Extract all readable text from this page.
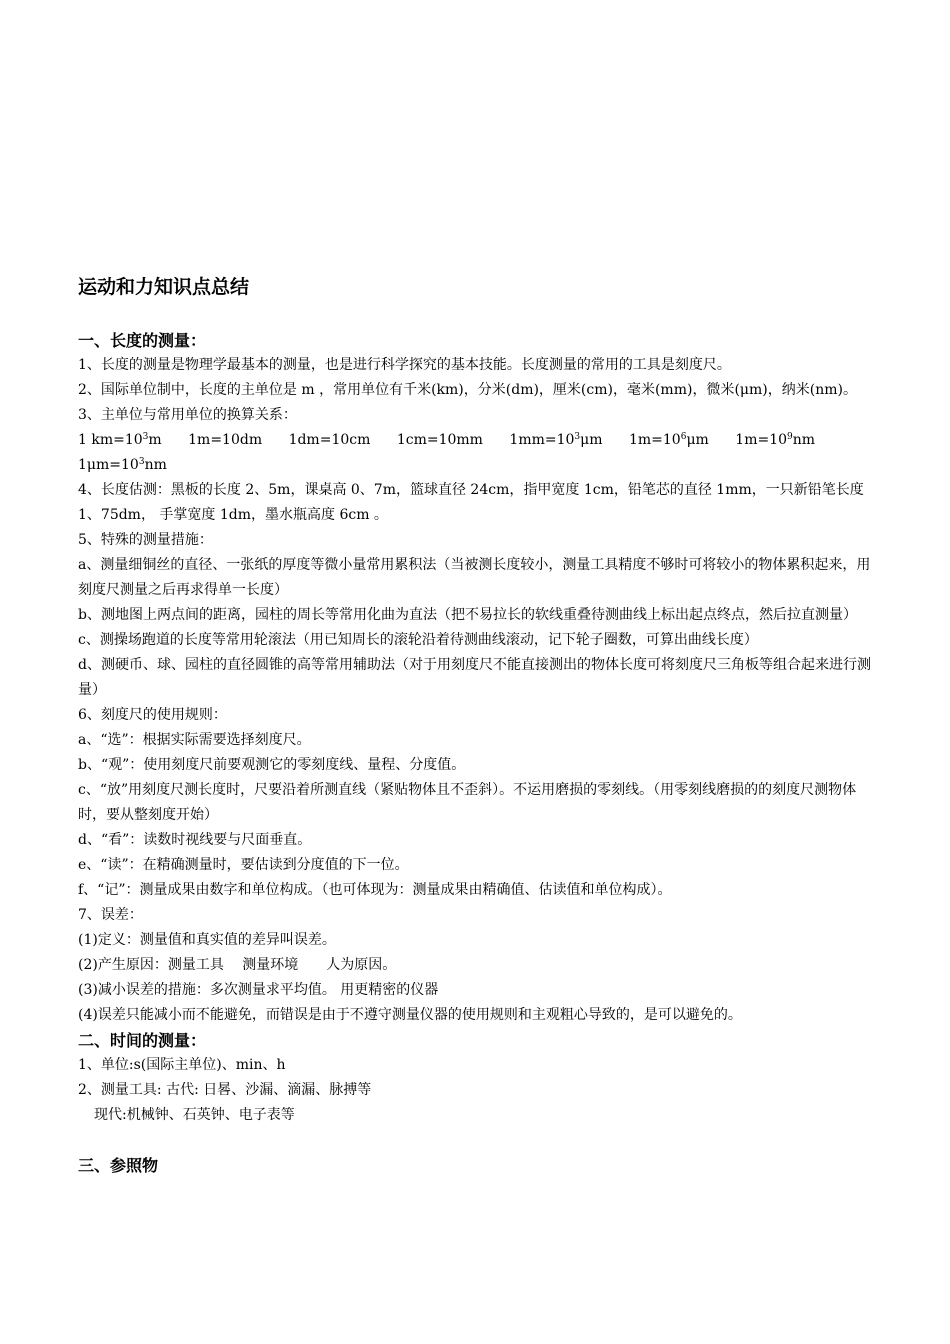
运动和力知识点总结
一、长度的测量：

1、长度的测量是物理学最基本的测量，也是进行科学探究的基本技能。长度测量的常用的工具是刻度尺。

2、国际单位制中，长度的主单位是 m ，常用单位有千米(km)，分米(dm)，厘米(cm)，毫米(mm)，微米(μm)，纳米(nm)。

3、主单位与常用单位的换算关系：

1 $km=10^3m$ 1m=10dm 1dm=10cm 1cm=10mm $1mm=10^3\mu m$ $1m=10^6\mu m$ $1m=10^9nm$ $1\mu m=10^3nm$

4、长度估测：黑板的长度 2、5m，课桌高 0、7m，篮球直径 24cm，指甲宽度 1cm，铅笔芯的直径 1mm，一只新铅笔长度 1、75dm， 手掌宽度 1dm，墨水瓶高度 6cm 。

5、特殊的测量措施：

a、测量细铜丝的直径、一张纸的厚度等微小量常用累积法（当被测长度较小，测量工具精度不够时可将较小的物体累积起来，用刻度尺测量之后再求得单一长度）

b、测地图上两点间的距离，园柱的周长等常用化曲为直法（把不易拉长的软线重叠待测曲线上标出起点终点，然后拉直测量）

c、测操场跑道的长度等常用轮滚法（用已知周长的滚轮沿着待测曲线滚动，记下轮子圈数，可算出曲线长度）

d、测硬币、球、园柱的直径圆锥的高等常用辅助法（对于用刻度尺不能直接测出的物体长度可将刻度尺三角板等组合起来进行测量）

6、刻度尺的使用规则：

a、“选”：根据实际需要选择刻度尺。

b、“观”：使用刻度尺前要观测它的零刻度线、量程、分度值。

c、“放”用刻度尺测长度时，尺要沿着所测直线（紧贴物体且不歪斜）。不运用磨损的零刻线。（用零刻线磨损的的刻度尺测物体时，要从整刻度开始）

d、“看”：读数时视线要与尺面垂直。

e、“读”：在精确测量时，要估读到分度值的下一位。

f、“记”：测量成果由数字和单位构成。（也可体现为：测量成果由精确值、估读值和单位构成）。

7、误差：

(1)定义：测量值和真实值的差异叫误差。

(2)产生原因：测量工具　 测量环境　　人为原因。

(3)减小误差的措施：多次测量求平均值。 用更精密的仪器

(4)误差只能减小而不能避免，而错误是由于不遵守测量仪器的使用规则和主观粗心导致的，是可以避免的。

二、时间的测量：

1、单位:s(国际主单位)、min、h

2、测量工具: 古代: 日晷、沙漏、滴漏、脉搏等

现代:机械钟、石英钟、电子表等

三、参照物
